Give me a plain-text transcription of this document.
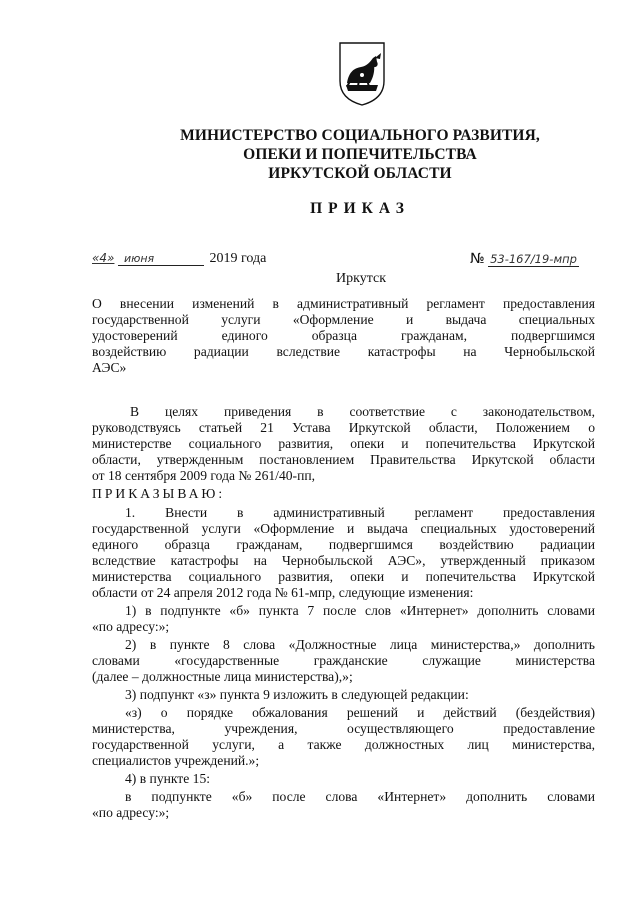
МИНИСТЕРСТВО СОЦИАЛЬНОГО РАЗВИТИЯ,
ОПЕКИ И ПОПЕЧИТЕЛЬСТВА
ИРКУТСКОЙ ОБЛАСТИ
ПРИКАЗ
«4» июня	2019 года	№ 53-167/19-мпр
Иркутск
О внесении изменений в административный регламент предоставления
государственной услуги «Оформление и выдача специальных
удостоверений единого образца гражданам, подвергшимся
воздействию радиации вследствие катастрофы на Чернобыльской
АЭС»
В целях приведения в соответствие с законодательством,
руководствуясь статьей 21 Устава Иркутской области, Положением о
министерстве социального развития, опеки и попечительства Иркутской
области, утвержденным постановлением Правительства Иркутской области
от 18 сентября 2009 года № 261/40-пп,
ПРИКАЗЫВАЮ:
1. Внести в административный регламент предоставления
государственной услуги «Оформление и выдача специальных удостоверений
единого образца гражданам, подвергшимся воздействию радиации
вследствие катастрофы на Чернобыльской АЭС», утвержденный приказом
министерства социального развития, опеки и попечительства Иркутской
области от 24 апреля 2012 года № 61-мпр, следующие изменения:
1) в подпункте «б» пункта 7 после слов «Интернет» дополнить словами
«по адресу:»;
2) в пункте 8 слова «Должностные лица министерства,» дополнить
словами «государственные гражданские служащие министерства
(далее – должностные лица министерства),»;
3) подпункт «з» пункта 9 изложить в следующей редакции:
«з) о порядке обжалования решений и действий (бездействия)
министерства, учреждения, осуществляющего предоставление
государственной услуги, а также должностных лиц министерства,
специалистов учреждений.»;
4) в пункте 15:
в подпункте «б» после слова «Интернет» дополнить словами
«по адресу:»;
